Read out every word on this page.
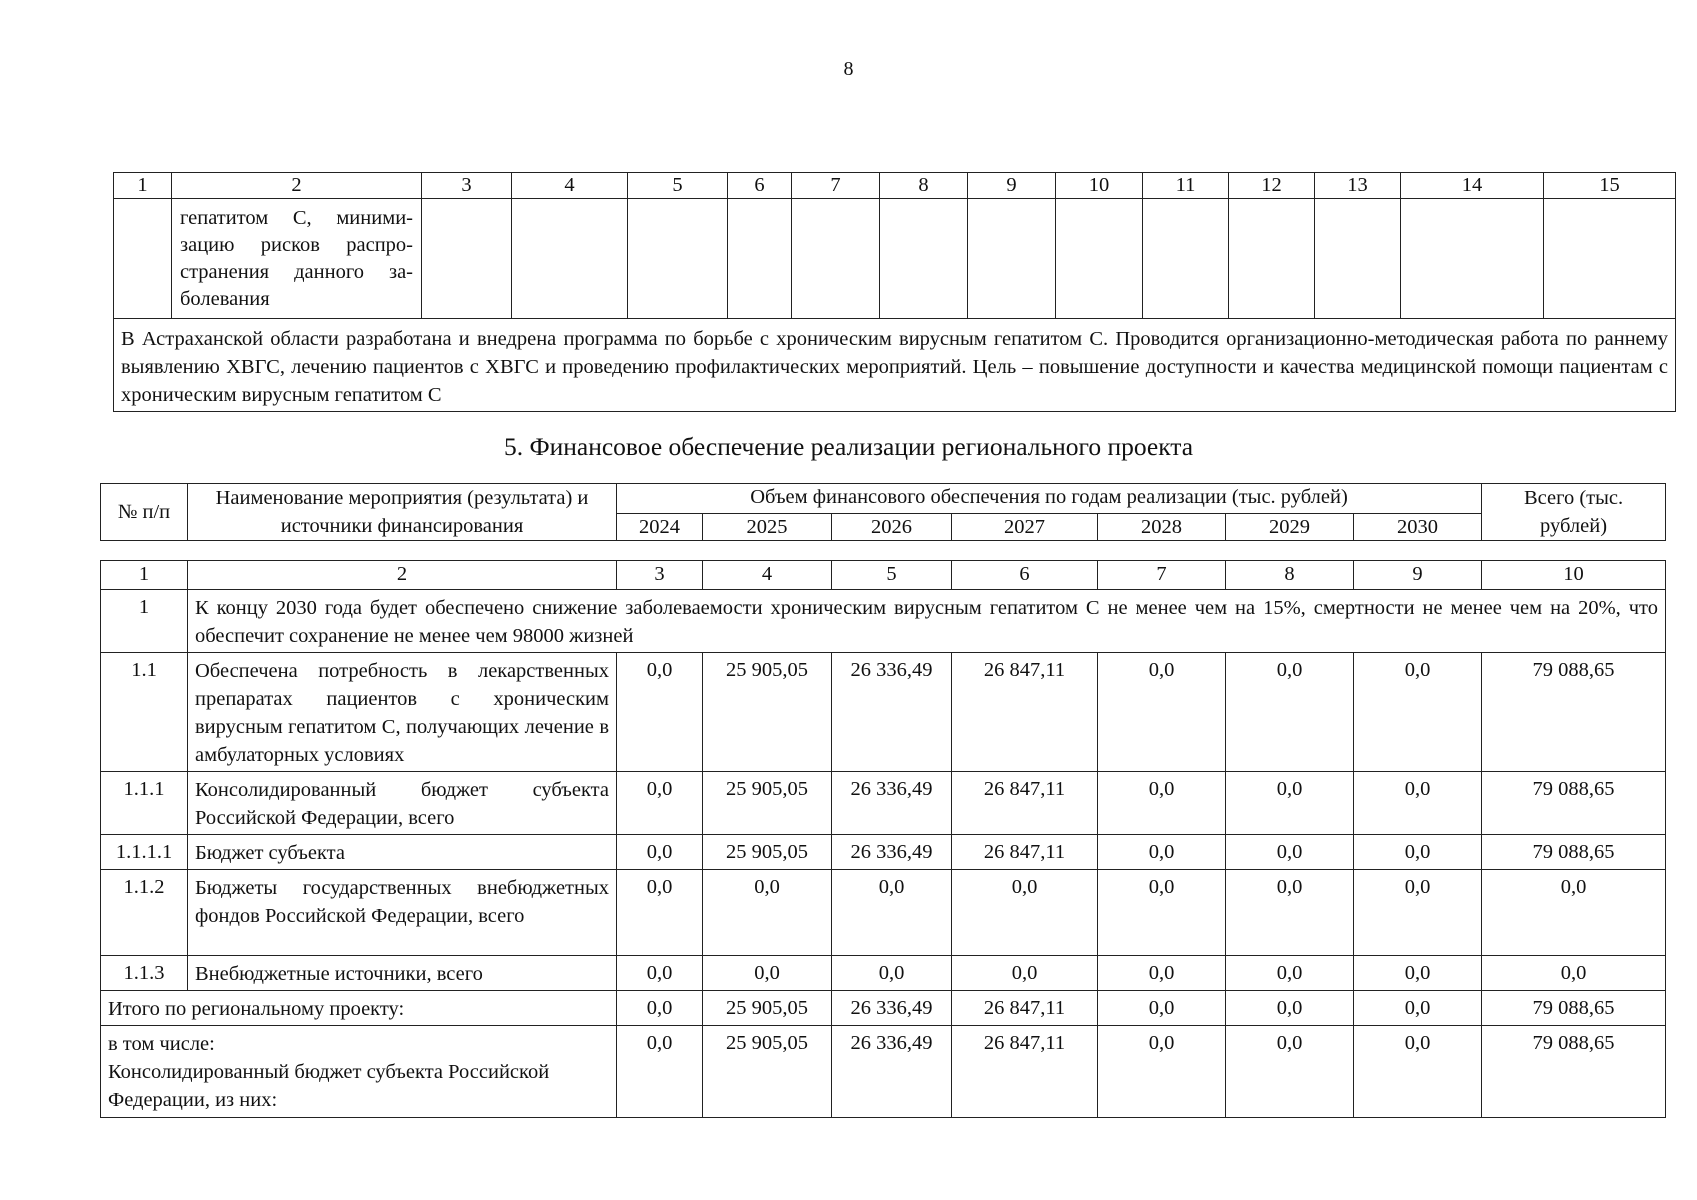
8
1	2	3	4	5	6	7	8	9	10	11	12	13	14	15

	гепатитом С, миними-
зацию рисков распро-
странения данного за-
болевания													

В Астраханской области разработана и внедрена программа по борьбе с хроническим вирусным гепатитом С. Проводится организационно-методическая работа по раннему выявлению ХВГС, лечению пациентов с ХВГС и проведению профилактических мероприятий. Цель – повышение доступности и качества медицинской помощи пациентам с хроническим вирусным гепатитом С														
5. Финансовое обеспечение реализации регионального проекта
№ п/п	Наименование мероприятия (результата) и источники финансирования	Объем финансового обеспечения по годам реализации (тыс. рублей)							Всего (тыс. рублей)
		2024	2025	2026	2027	2028	2029	2030	
1	2	3	4	5	6	7	8	9	10
1	К концу 2030 года будет обеспечено снижение заболеваемости хроническим вирусным гепатитом С не менее чем на 15%, смертности не менее чем на 20%, что обеспечит сохранение не менее чем 98000 жизней								
1.1	Обеспечена потребность в лекарственных препаратах пациентов с хроническим вирусным гепатитом С, получающих лечение в амбулаторных условиях	0,0	25 905,05	26 336,49	26 847,11	0,0	0,0	0,0	79 088,65
1.1.1	Консолидированный бюджет субъекта Российской Федерации, всего	0,0	25 905,05	26 336,49	26 847,11	0,0	0,0	0,0	79 088,65
1.1.1.1	Бюджет субъекта	0,0	25 905,05	26 336,49	26 847,11	0,0	0,0	0,0	79 088,65
1.1.2	Бюджеты государственных внебюджетных фондов Российской Федерации, всего	0,0	0,0	0,0	0,0	0,0	0,0	0,0	0,0
1.1.3	Внебюджетные источники, всего	0,0	0,0	0,0	0,0	0,0	0,0	0,0	0,0
Итого по региональному проекту:		0,0	25 905,05	26 336,49	26 847,11	0,0	0,0	0,0	79 088,65
в том числе:
Консолидированный бюджет субъекта Российской Федерации, из них:		0,0	25 905,05	26 336,49	26 847,11	0,0	0,0	0,0	79 088,65
